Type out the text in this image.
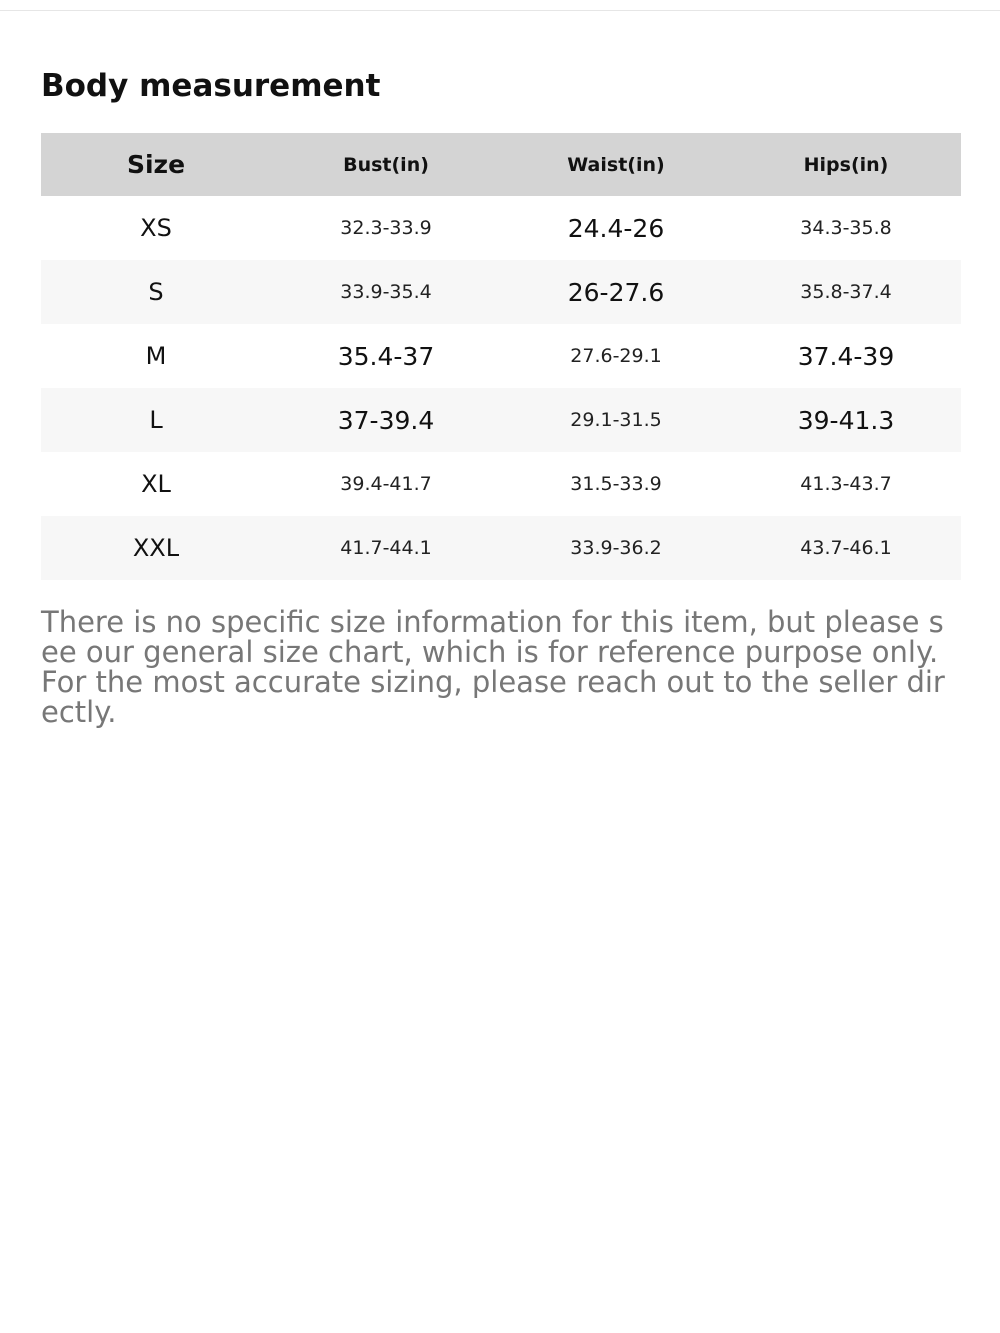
Body measurement
Size	Bust(in)	Waist(in)	Hips(in)
XS	32.3-33.9	24.4-26	34.3-35.8
S	33.9-35.4	26-27.6	35.8-37.4
M	35.4-37	27.6-29.1	37.4-39
L	37-39.4	29.1-31.5	39-41.3
XL	39.4-41.7	31.5-33.9	41.3-43.7
XXL	41.7-44.1	33.9-36.2	43.7-46.1

There is no specific size information for this item, but please see our general size chart, which is for reference purpose only. For the most accurate sizing, please reach out to the seller directly.
